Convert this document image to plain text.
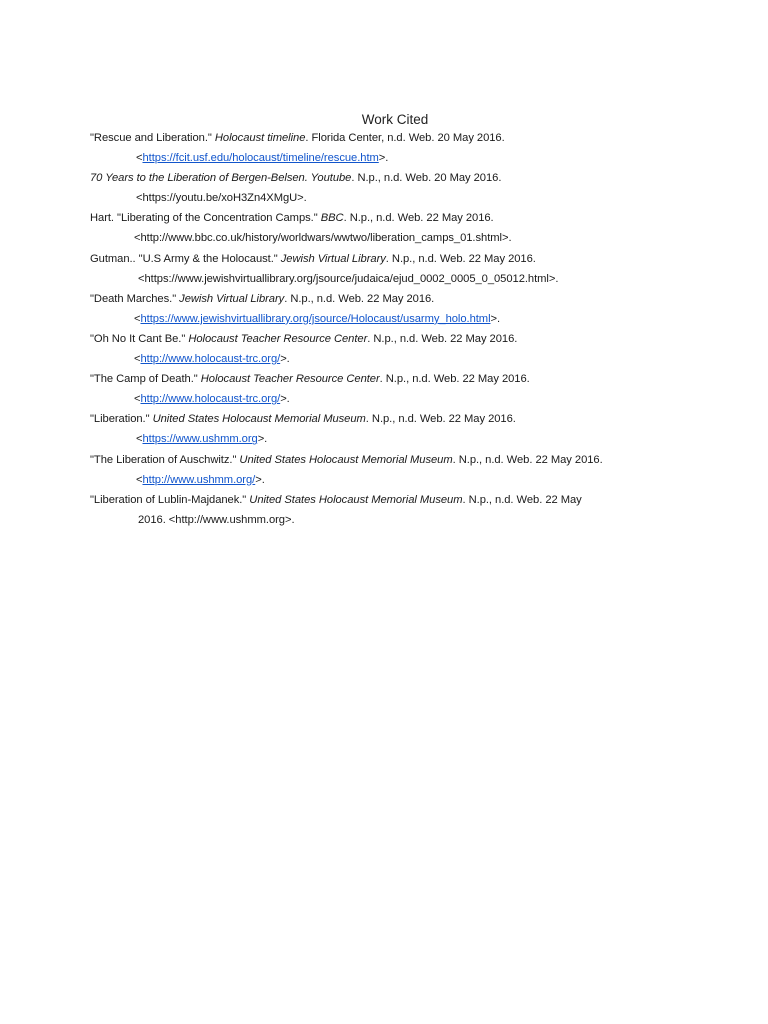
Work Cited
"Rescue and Liberation." Holocaust timeline. Florida Center, n.d. Web. 20 May 2016.
<https://fcit.usf.edu/holocaust/timeline/rescue.htm>.
70 Years to the Liberation of Bergen-Belsen. Youtube. N.p., n.d. Web. 20 May 2016.
<https://youtu.be/xoH3Zn4XMgU>.
Hart. "Liberating of the Concentration Camps." BBC. N.p., n.d. Web. 22 May 2016.
<http://www.bbc.co.uk/history/worldwars/wwtwo/liberation_camps_01.shtml>.
Gutman.. "U.S Army & the Holocaust." Jewish Virtual Library. N.p., n.d. Web. 22 May 2016.
<https://www.jewishvirtuallibrary.org/jsource/judaica/ejud_0002_0005_0_05012.html>.
"Death Marches." Jewish Virtual Library. N.p., n.d. Web. 22 May 2016.
<https://www.jewishvirtuallibrary.org/jsource/Holocaust/usarmy_holo.html>.
"Oh No It Cant Be." Holocaust Teacher Resource Center. N.p., n.d. Web. 22 May 2016.
<http://www.holocaust-trc.org/>.
"The Camp of Death." Holocaust Teacher Resource Center. N.p., n.d. Web. 22 May 2016.
<http://www.holocaust-trc.org/>.
"Liberation." United States Holocaust Memorial Museum. N.p., n.d. Web. 22 May 2016.
<https://www.ushmm.org>.
"The Liberation of Auschwitz." United States Holocaust Memorial Museum. N.p., n.d. Web. 22 May 2016.
<http://www.ushmm.org/>.
"Liberation of Lublin-Majdanek." United States Holocaust Memorial Museum. N.p., n.d. Web. 22 May
2016. <http://www.ushmm.org>.
